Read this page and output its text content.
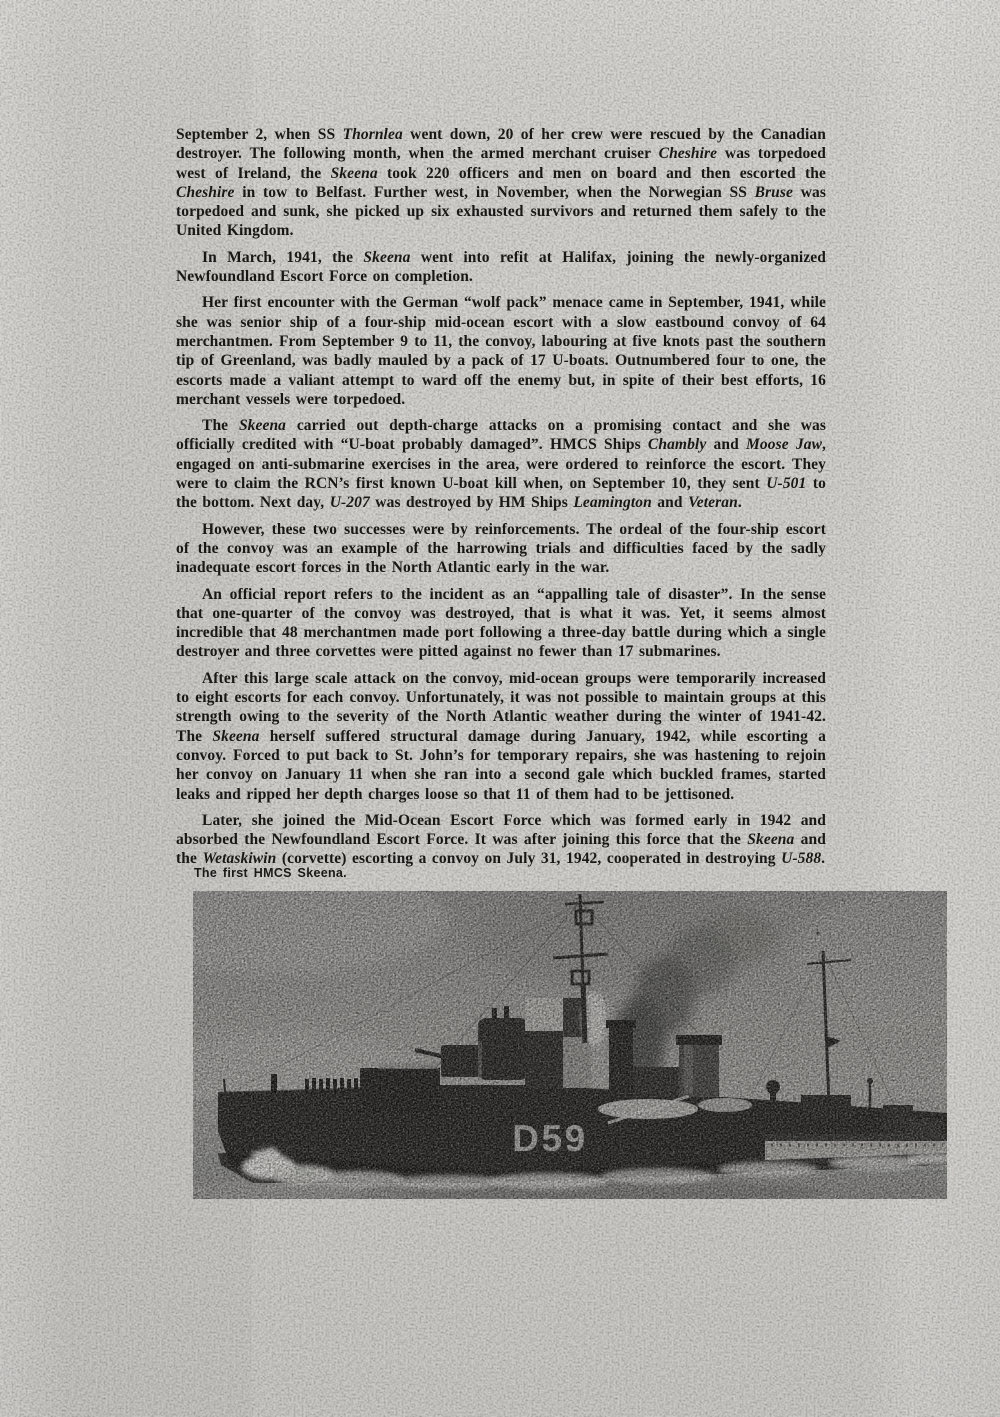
September 2, when SS Thornlea went down, 20 of her crew were rescued by the Canadian destroyer. The following month, when the armed merchant cruiser Cheshire was torpedoed west of Ireland, the Skeena took 220 officers and men on board and then escorted the Cheshire in tow to Belfast. Further west, in November, when the Norwegian SS Bruse was torpedoed and sunk, she picked up six exhausted survivors and returned them safely to the United Kingdom.

In March, 1941, the Skeena went into refit at Halifax, joining the newly-organized Newfoundland Escort Force on completion.

Her first encounter with the German “wolf pack” menace came in September, 1941, while she was senior ship of a four-ship mid-ocean escort with a slow eastbound convoy of 64 merchantmen. From September 9 to 11, the convoy, labouring at five knots past the southern tip of Greenland, was badly mauled by a pack of 17 U-boats. Outnumbered four to one, the escorts made a valiant attempt to ward off the enemy but, in spite of their best efforts, 16 merchant vessels were torpedoed.

The Skeena carried out depth-charge attacks on a promising contact and she was officially credited with “U-boat probably damaged”. HMCS Ships Chambly and Moose Jaw, engaged on anti-submarine exercises in the area, were ordered to reinforce the escort. They were to claim the RCN’s first known U-boat kill when, on September 10, they sent U-501 to the bottom. Next day, U-207 was destroyed by HM Ships Leamington and Veteran.

However, these two successes were by reinforcements. The ordeal of the four-ship escort of the convoy was an example of the harrowing trials and difficulties faced by the sadly inadequate escort forces in the North Atlantic early in the war.

An official report refers to the incident as an “appalling tale of disaster”. In the sense that one-quarter of the convoy was destroyed, that is what it was. Yet, it seems almost incredible that 48 merchantmen made port following a three-day battle during which a single destroyer and three corvettes were pitted against no fewer than 17 submarines.

After this large scale attack on the convoy, mid-ocean groups were temporarily increased to eight escorts for each convoy. Unfortunately, it was not possible to maintain groups at this strength owing to the severity of the North Atlantic weather during the winter of 1941-42. The Skeena herself suffered structural damage during January, 1942, while escorting a convoy. Forced to put back to St. John’s for temporary repairs, she was hastening to rejoin her convoy on January 11 when she ran into a second gale which buckled frames, started leaks and ripped her depth charges loose so that 11 of them had to be jettisoned.

Later, she joined the Mid-Ocean Escort Force which was formed early in 1942 and absorbed the Newfoundland Escort Force. It was after joining this force that the Skeena and the Wetaskiwin (corvette) escorting a convoy on July 31, 1942, cooperated in destroying U-588.

The first HMCS Skeena.
